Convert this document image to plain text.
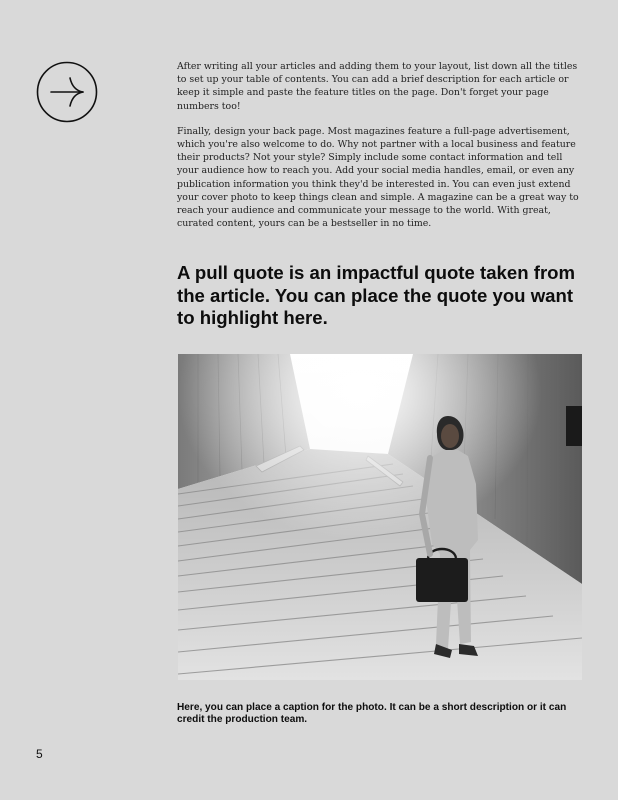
After writing all your articles and adding them to your layout, list down all the titles to set up your table of contents. You can add a brief description for each article or keep it simple and paste the feature titles on the page. Don't forget your page numbers too!

Finally, design your back page. Most magazines feature a full-page advertisement, which you're also welcome to do. Why not partner with a local business and feature their products? Not your style? Simply include some contact information and tell your audience how to reach you. Add your social media handles, email, or even any publication information you think they'd be interested in. You can even just extend your cover photo to keep things clean and simple. A magazine can be a great way to reach your audience and communicate your message to the world. With great, curated content, yours can be a bestseller in no time.

A pull quote is an impactful quote taken from the article. You can place the quote you want to highlight here.
Here, you can place a caption for the photo. It can be a short description or it can credit the production team.
5
